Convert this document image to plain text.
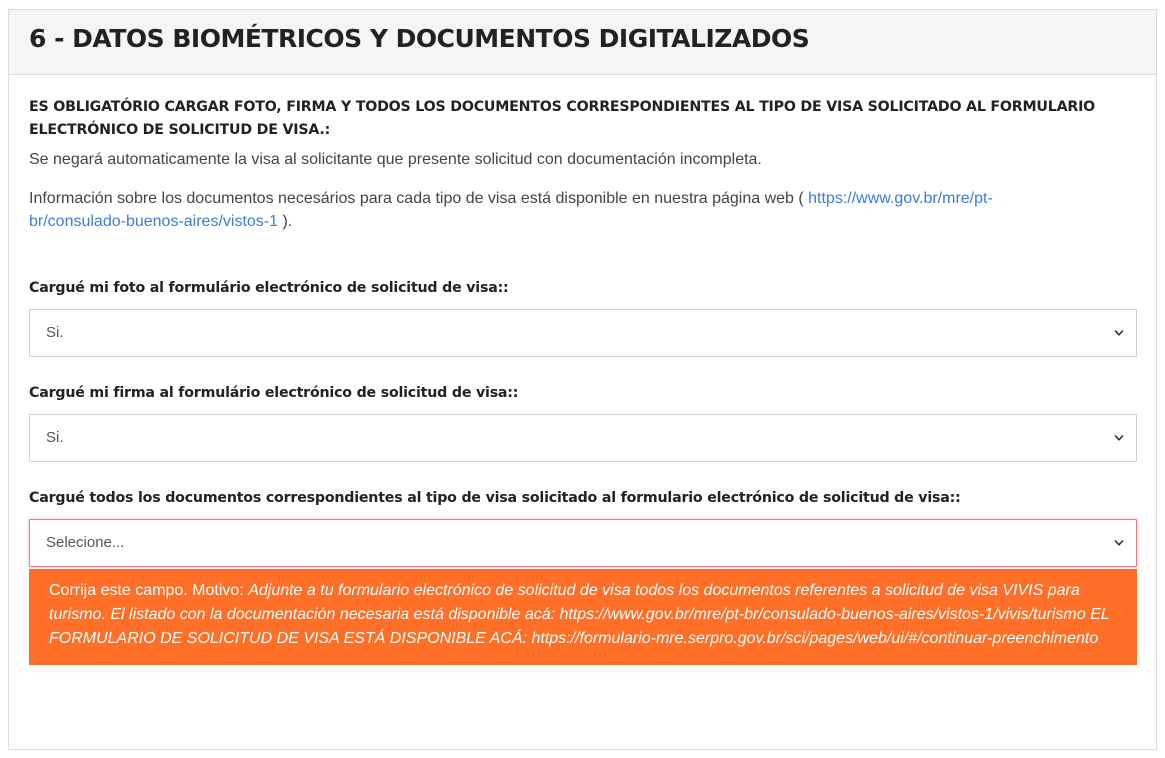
6 - DATOS BIOMÉTRICOS Y DOCUMENTOS DIGITALIZADOS

ES OBLIGATÓRIO CARGAR FOTO, FIRMA Y TODOS LOS DOCUMENTOS CORRESPONDIENTES AL TIPO DE VISA SOLICITADO AL FORMULARIO ELECTRÓNICO DE SOLICITUD DE VISA.:

Se negará automaticamente la visa al solicitante que presente solicitud con documentación incompleta.

Información sobre los documentos necesários para cada tipo de visa está disponible en nuestra página web ( https://www.gov.br/mre/pt-br/consulado-buenos-aires/vistos-1 ).

Cargué mi foto al formulário electrónico de solicitud de visa::

Si.

Cargué mi firma al formulário electrónico de solicitud de visa::

Si.

Cargué todos los documentos correspondientes al tipo de visa solicitado al formulario electrónico de solicitud de visa::

Selecione...
Corrija este campo. Motivo: Adjunte a tu formulario electrónico de solicitud de visa todos los documentos referentes a solicitud de visa VIVIS para turismo. El listado con la documentación necesaria está disponible acá: https://www.gov.br/mre/pt-br/consulado-buenos-aires/vistos-1/vivis/turismo EL FORMULARIO DE SOLICITUD DE VISA ESTÁ DISPONIBLE ACÁ: https://formulario-mre.serpro.gov.br/sci/pages/web/ui/#/continuar-preenchimento
